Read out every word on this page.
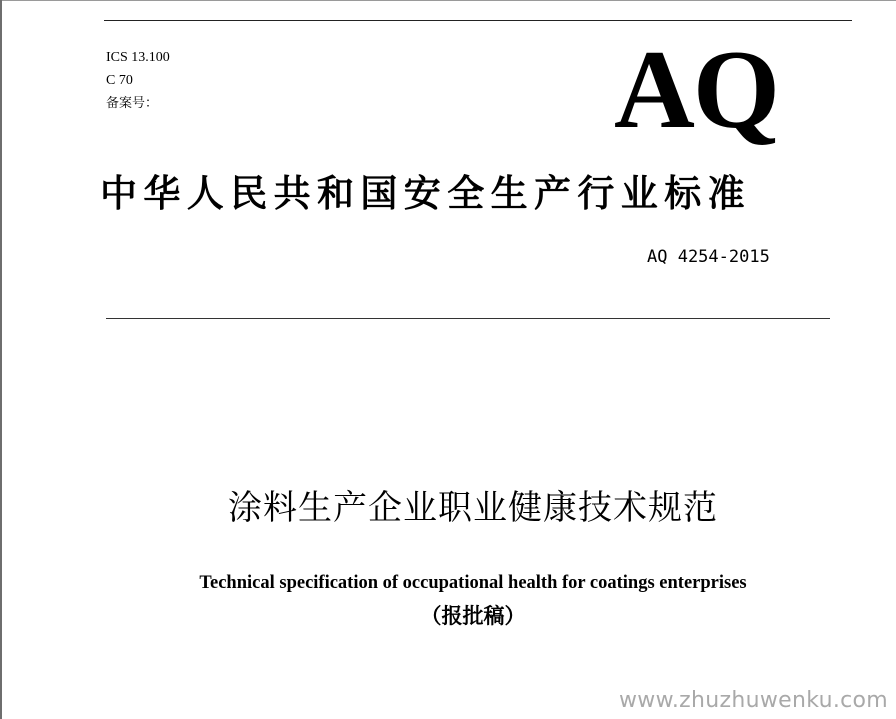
ICS 13.100
C 70
备案号：	AQ
中华人民共和国安全生产行业标准
AQ 4254-2015
涂料生产企业职业健康技术规范
Technical specification of occupational health for coatings enterprises
（报批稿）
www.zhuzhuwenku.com
